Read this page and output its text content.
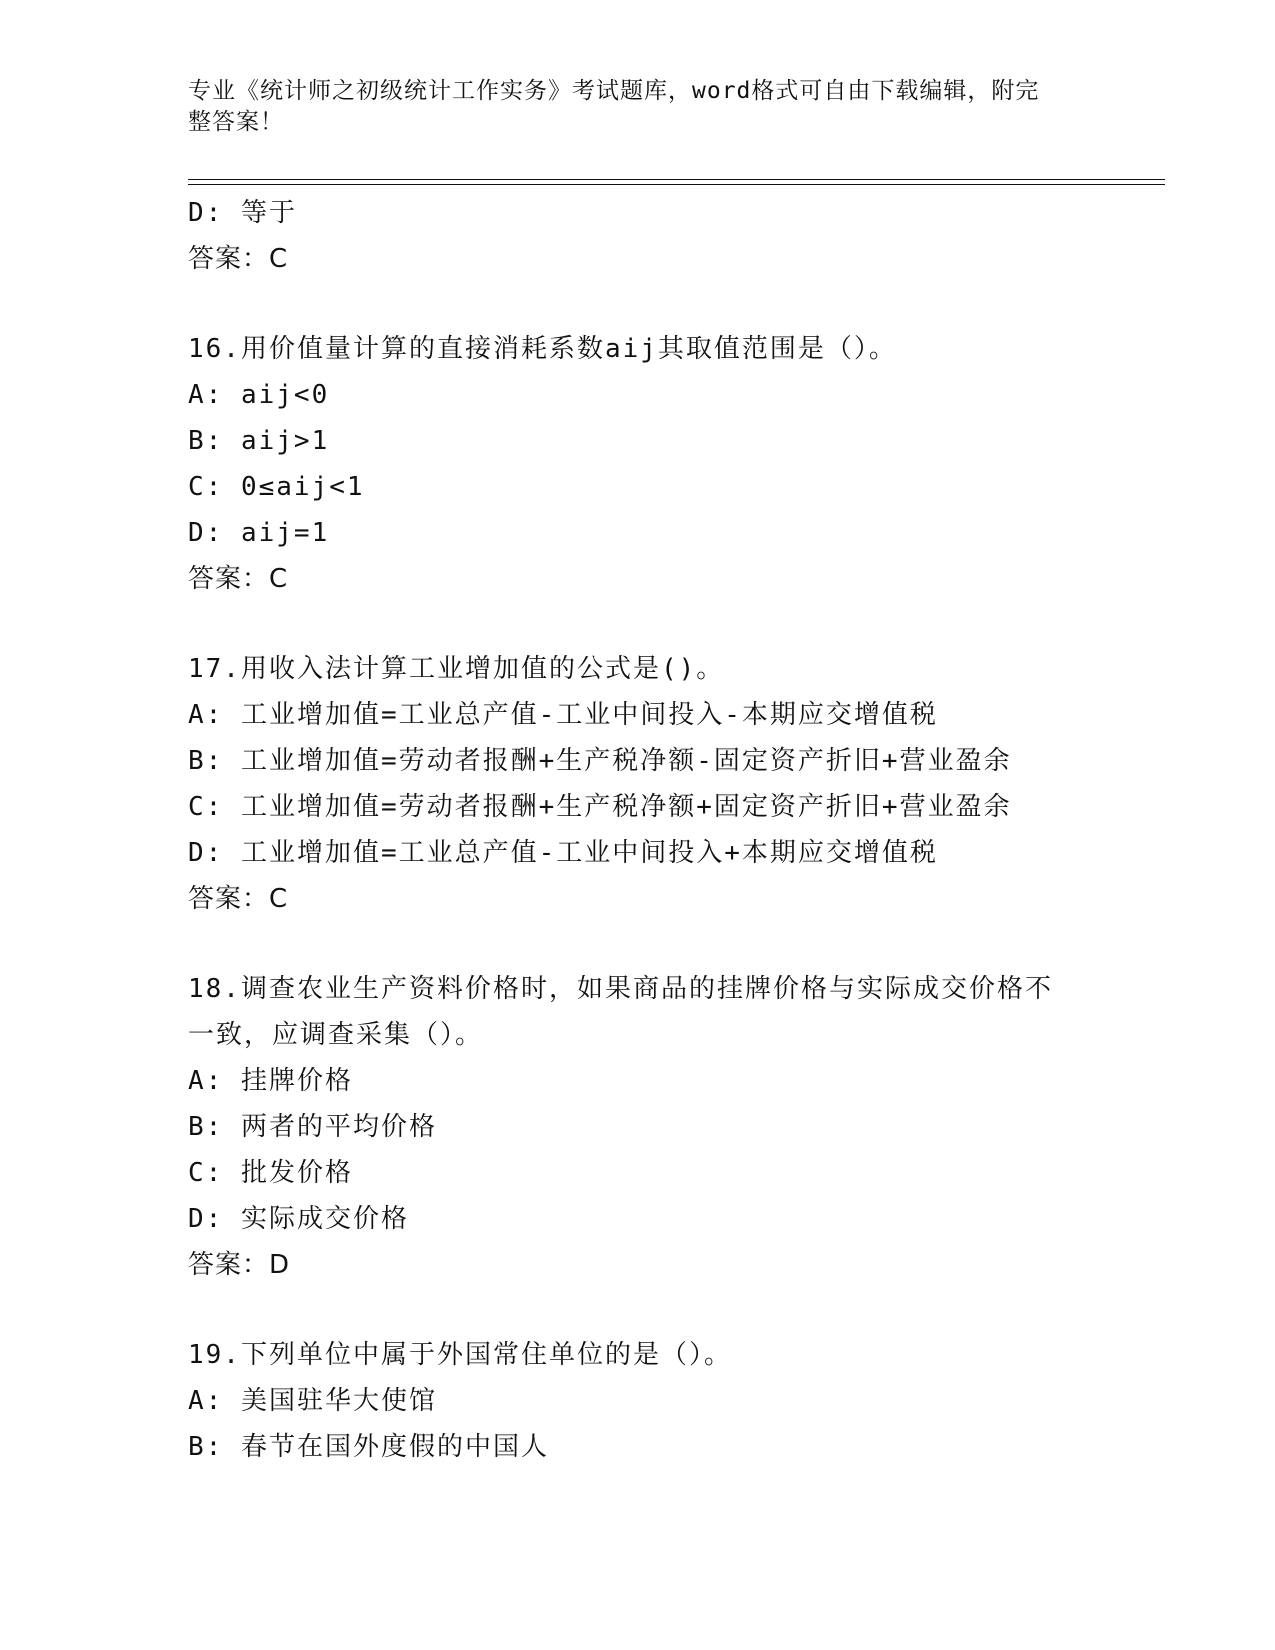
专业《统计师之初级统计工作实务》考试题库，word格式可自由下载编辑，附完
整答案！
D: 等于
答案：C
16.用价值量计算的直接消耗系数aij其取值范围是（）。
A: aij<0
B: aij>1
C: 0≤aij<1
D: aij=1
答案：C
17.用收入法计算工业增加值的公式是()。
A: 工业增加值=工业总产值-工业中间投入-本期应交增值税
B: 工业增加值=劳动者报酬+生产税净额-固定资产折旧+营业盈余
C: 工业增加值=劳动者报酬+生产税净额+固定资产折旧+营业盈余
D: 工业增加值=工业总产值-工业中间投入+本期应交增值税
答案：C
18.调查农业生产资料价格时，如果商品的挂牌价格与实际成交价格不
一致，应调查采集（）。
A: 挂牌价格
B: 两者的平均价格
C: 批发价格
D: 实际成交价格
答案：D
19.下列单位中属于外国常住单位的是（）。
A: 美国驻华大使馆
B: 春节在国外度假的中国人
